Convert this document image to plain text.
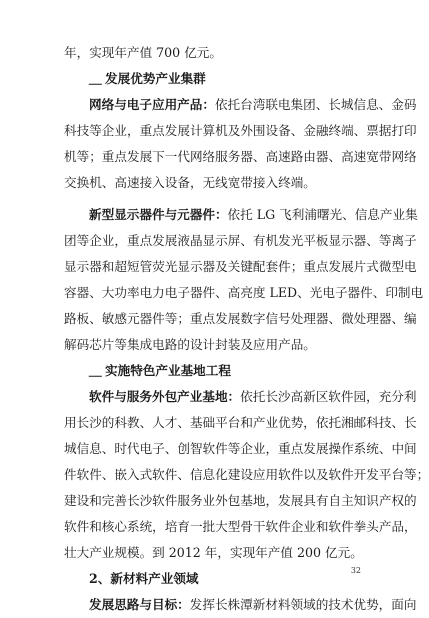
年，实现年产值 700 亿元。
＿ 发展优势产业集群
网络与电子应用产品：依托台湾联电集团、长城信息、金码
科技等企业，重点发展计算机及外围设备、金融终端、票据打印
机等；重点发展下一代网络服务器、高速路由器、高速宽带网络
交换机、高速接入设备，无线宽带接入终端。
新型显示器件与元器件：依托 LG 飞利浦曙光、信息产业集
团等企业，重点发展液晶显示屏、有机发光平板显示器、等离子
显示器和超短管荧光显示器及关键配套件；重点发展片式微型电
容器、大功率电力电子器件、高亮度 LED、光电子器件、印制电
路板、敏感元器件等；重点发展数字信号处理器、微处理器、编
解码芯片等集成电路的设计封装及应用产品。
＿ 实施特色产业基地工程
软件与服务外包产业基地：依托长沙高新区软件园，充分利
用长沙的科教、人才、基础平台和产业优势，依托湘邮科技、长
城信息、时代电子、创智软件等企业，重点发展操作系统、中间
件软件、嵌入式软件、信息化建设应用软件以及软件开发平台等；
建设和完善长沙软件服务业外包基地，发展具有自主知识产权的
软件和核心系统，培育一批大型骨干软件企业和软件拳头产品，
壮大产业规模。到 2012 年，实现年产值 200 亿元。
2、新材料产业领域
发展思路与目标：发挥长株潭新材料领域的技术优势，面向
32
